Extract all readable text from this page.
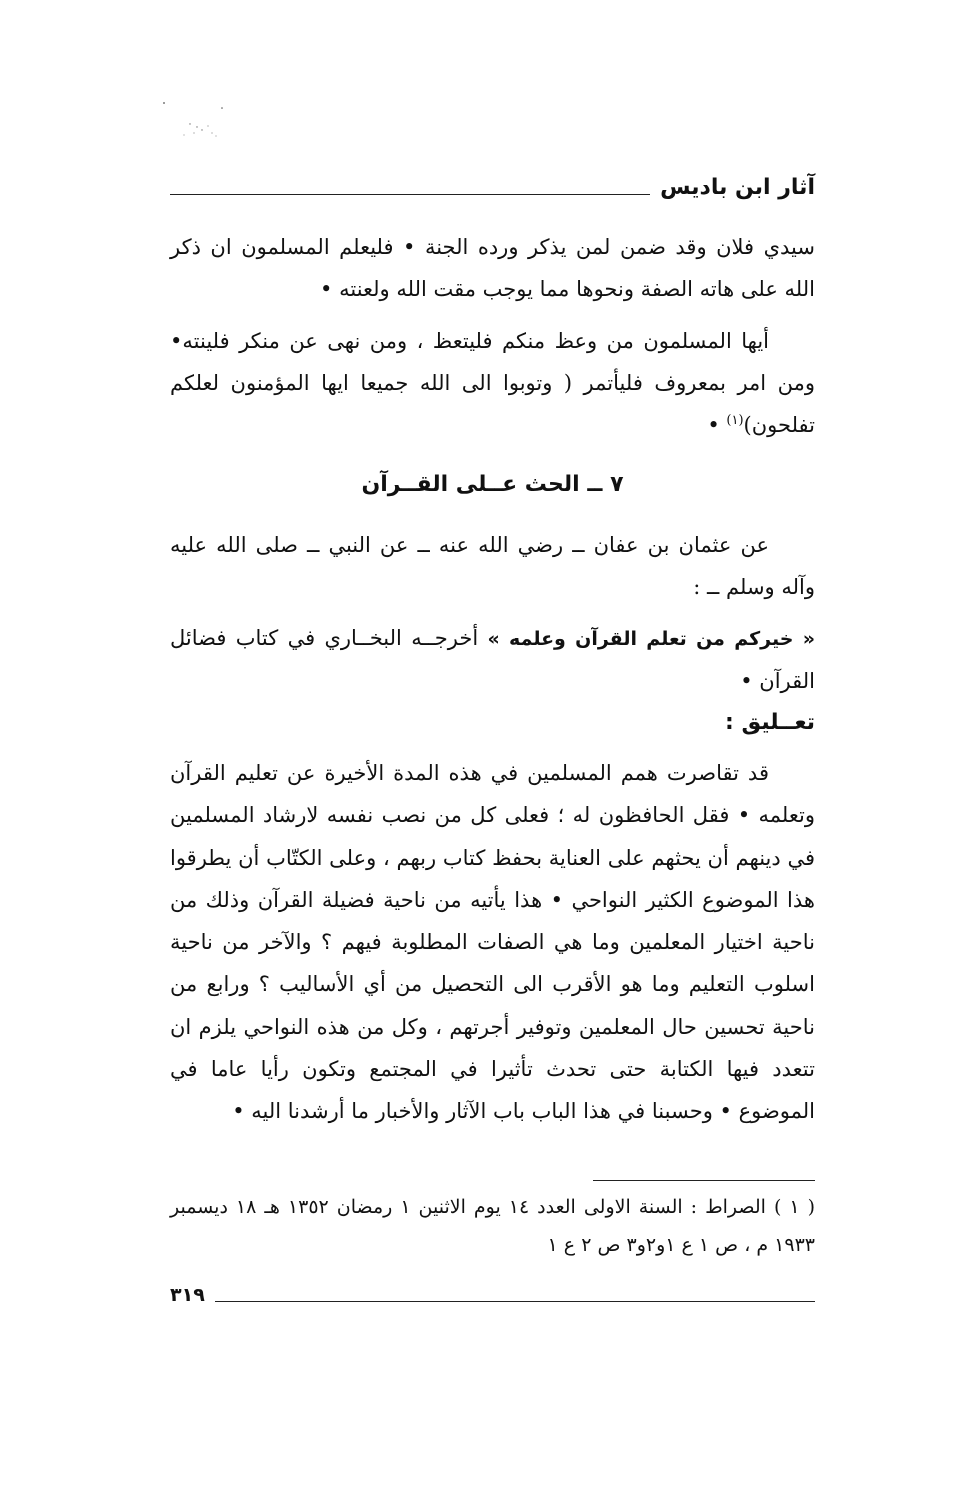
آثار ابن باديس

سيدي فلان وقد ضمن لمن يذكر ورده الجنة • فليعلم المسلمون ان ذكر الله على هاته الصفة ونحوها مما يوجب مقت الله ولعنته •

أيها المسلمون من وعظ منكم فليتعظ ، ومن نهى عن منكر فلينته• ومن امر بمعروف فليأتمر ( وتوبوا الى الله جميعا ايها المؤمنون لعلكم تفلحون)$^{(١)}$ •

٧ ــ الحث عــلى القــرآن

عن عثمان بن عفان ــ رضي الله عنه ــ عن النبي ــ صلى الله عليه وآله وسلم ــ :

« خيركم من تعلم القرآن وعلمه » أخرجــه البخــاري في كتاب فضائل القرآن •

تعــليق :

قد تقاصرت همم المسلمين في هذه المدة الأخيرة عن تعليم القرآن وتعلمه • فقل الحافظون له ؛ فعلى كل من نصب نفسه لارشاد المسلمين في دينهم أن يحثهم على العناية بحفظ كتاب ربهم ، وعلى الكتّاب أن يطرقوا هذا الموضوع الكثير النواحي • هذا يأتيه من ناحية فضيلة القرآن وذلك من ناحية اختيار المعلمين وما هي الصفات المطلوبة فيهم ؟ والآخر من ناحية اسلوب التعليم وما هو الأقرب الى التحصيل من أي الأساليب ؟ ورابع من ناحية تحسين حال المعلمين وتوفير أجرتهم ، وكل من هذه النواحي يلزم ان تتعدد فيها الكتابة حتى تحدث تأثيرا في المجتمع وتكون رأيا عاما في الموضوع • وحسبنا في هذا الباب باب الآثار والأخبار ما أرشدنا اليه •

( ١ ) الصراط : السنة الاولى العدد ١٤ يوم الاثنين ١ رمضان ١٣٥٢ هـ ١٨ ديسمبر ١٩٣٣ م ، ص ١ ع ١و٢و٣ ص ٢ ع ١

٣١٩
